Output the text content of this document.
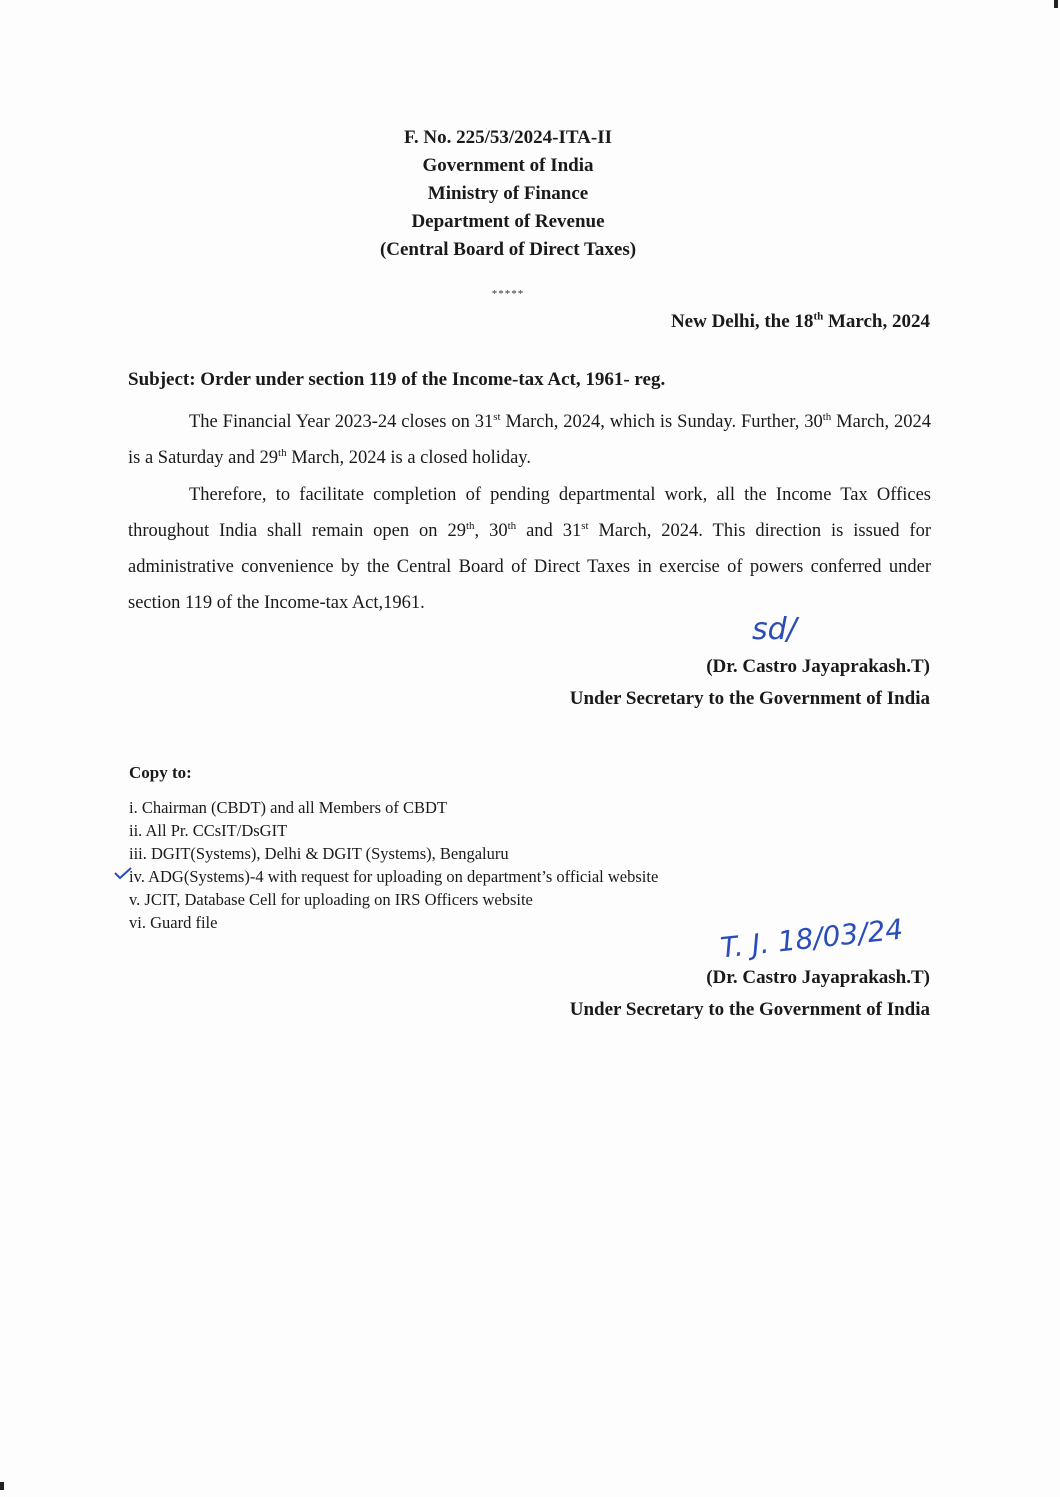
F. No. 225/53/2024-ITA-II
Government of India
Ministry of Finance
Department of Revenue
(Central Board of Direct Taxes)
*****
New Delhi, the 18th March, 2024
Subject: Order under section 119 of the Income-tax Act, 1961- reg.

The Financial Year 2023-24 closes on 31st March, 2024, which is Sunday. Further, 30th March, 2024 is a Saturday and 29th March, 2024 is a closed holiday.

Therefore, to facilitate completion of pending departmental work, all the Income Tax Offices throughout India shall remain open on 29th, 30th and 31st March, 2024. This direction is issued for administrative convenience by the Central Board of Direct Taxes in exercise of powers conferred under section 119 of the Income-tax Act,1961.

sd/
(Dr. Castro Jayaprakash.T)
Under Secretary to the Government of India
Copy to:
i. Chairman (CBDT) and all Members of CBDT
ii. All Pr. CCsIT/DsGIT
iii. DGIT(Systems), Delhi & DGIT (Systems), Bengaluru
iv. ADG(Systems)-4 with request for uploading on department’s official website
v. JCIT, Database Cell for uploading on IRS Officers website
vi. Guard file	T. J. 18/03/24
(Dr. Castro Jayaprakash.T)
Under Secretary to the Government of India
